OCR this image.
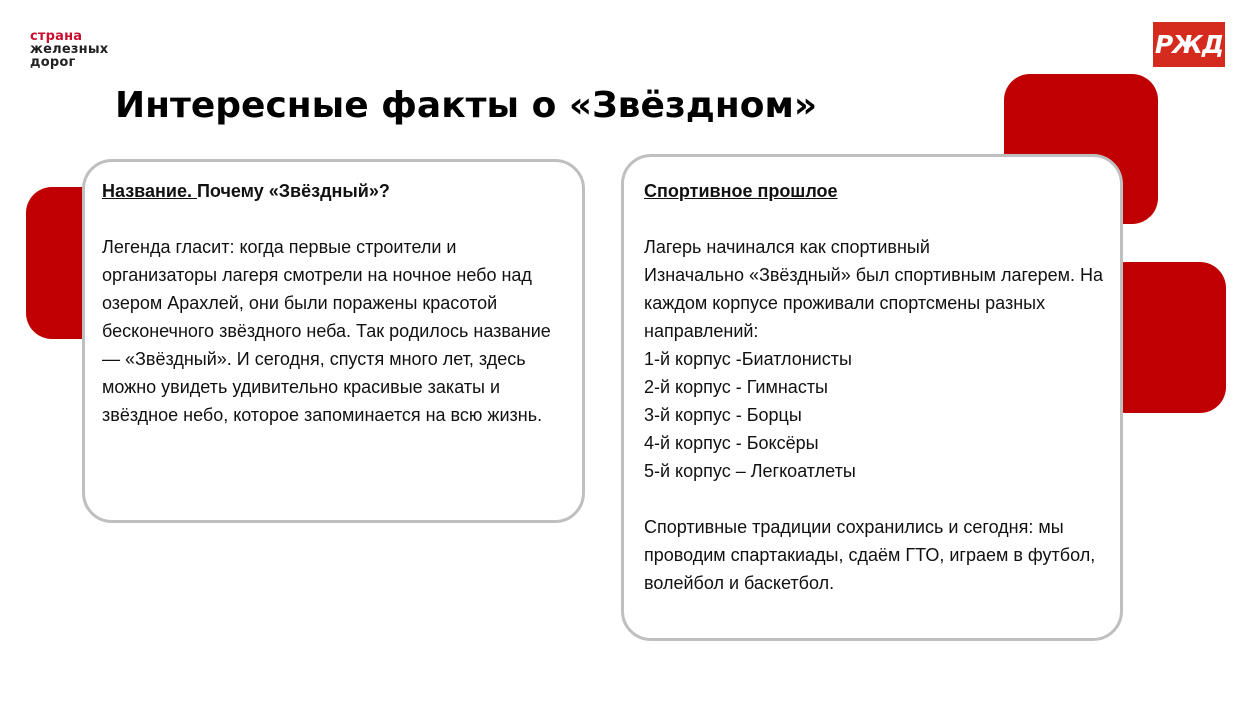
страна
железных
дорог
РЖД
Интересные факты о «Звёздном»

Название. Почему «Звёздный»?

Легенда гласит: когда первые строители и организаторы лагеря смотрели на ночное небо над озером Арахлей, они были поражены красотой бесконечного звёздного неба. Так родилось название — «Звёздный». И сегодня, спустя много лет, здесь можно увидеть удивительно красивые закаты и звёздное небо, которое запоминается на всю жизнь.

Спортивное прошлое

Лагерь начинался как спортивный

Изначально «Звёздный» был спортивным лагерем. На каждом корпусе проживали спортсмены разных направлений:

1-й корпус -Биатлонисты
2-й корпус - Гимнасты
3-й корпус - Борцы
4-й корпус - Боксёры
5-й корпус – Легкоатлеты

Спортивные традиции сохранились и сегодня: мы проводим спартакиады, сдаём ГТО, играем в футбол, волейбол и баскетбол.
